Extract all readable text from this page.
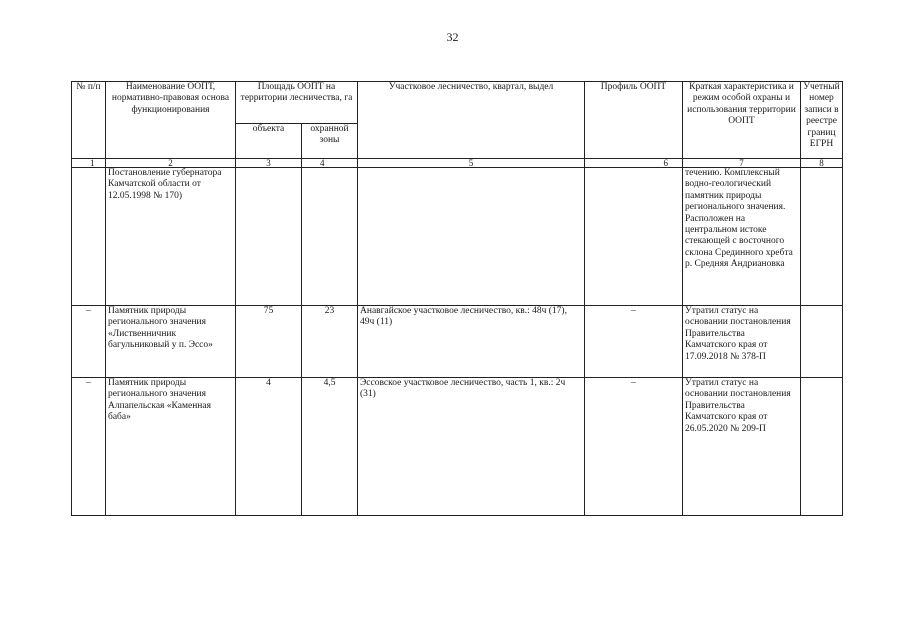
32
№ п/п	Наименование ООПТ, нормативно-правовая основа функционирования	Площадь ООПТ на территории лесничества, га		Участковое лесничество, квартал, выдел	Профиль ООПТ	Краткая характеристика и режим особой охраны и использования территории ООПТ	Учетный номер записи в реестре границ ЕГРН
		объекта	охранной зоны				
1	2	3	4	5	6	7	8
	Постановление губернатора Камчатской области от 12.05.1998 № 170)					течению. Комплексный водно-геологический памятник природы регионального значения. Расположен на центральном истоке стекающей с восточного склона Срединного хребта р. Средняя Андриановка	
–	Памятник природы регионального значения «Лиственничник багульниковый у п. Эссо»	75	23	Анавгайское участковое лесничество, кв.: 48ч (17), 49ч (11)	–	Утратил статус на основании постановления Правительства Камчатского края от 17.09.2018 № 378-П	
–	Памятник природы регионального значения Алпапельская «Каменная баба»	4	4,5	Эссовское участковое лесничество, часть 1, кв.: 2ч (31)	–	Утратил статус на основании постановления Правительства Камчатского края от 26.05.2020 № 209-П	
